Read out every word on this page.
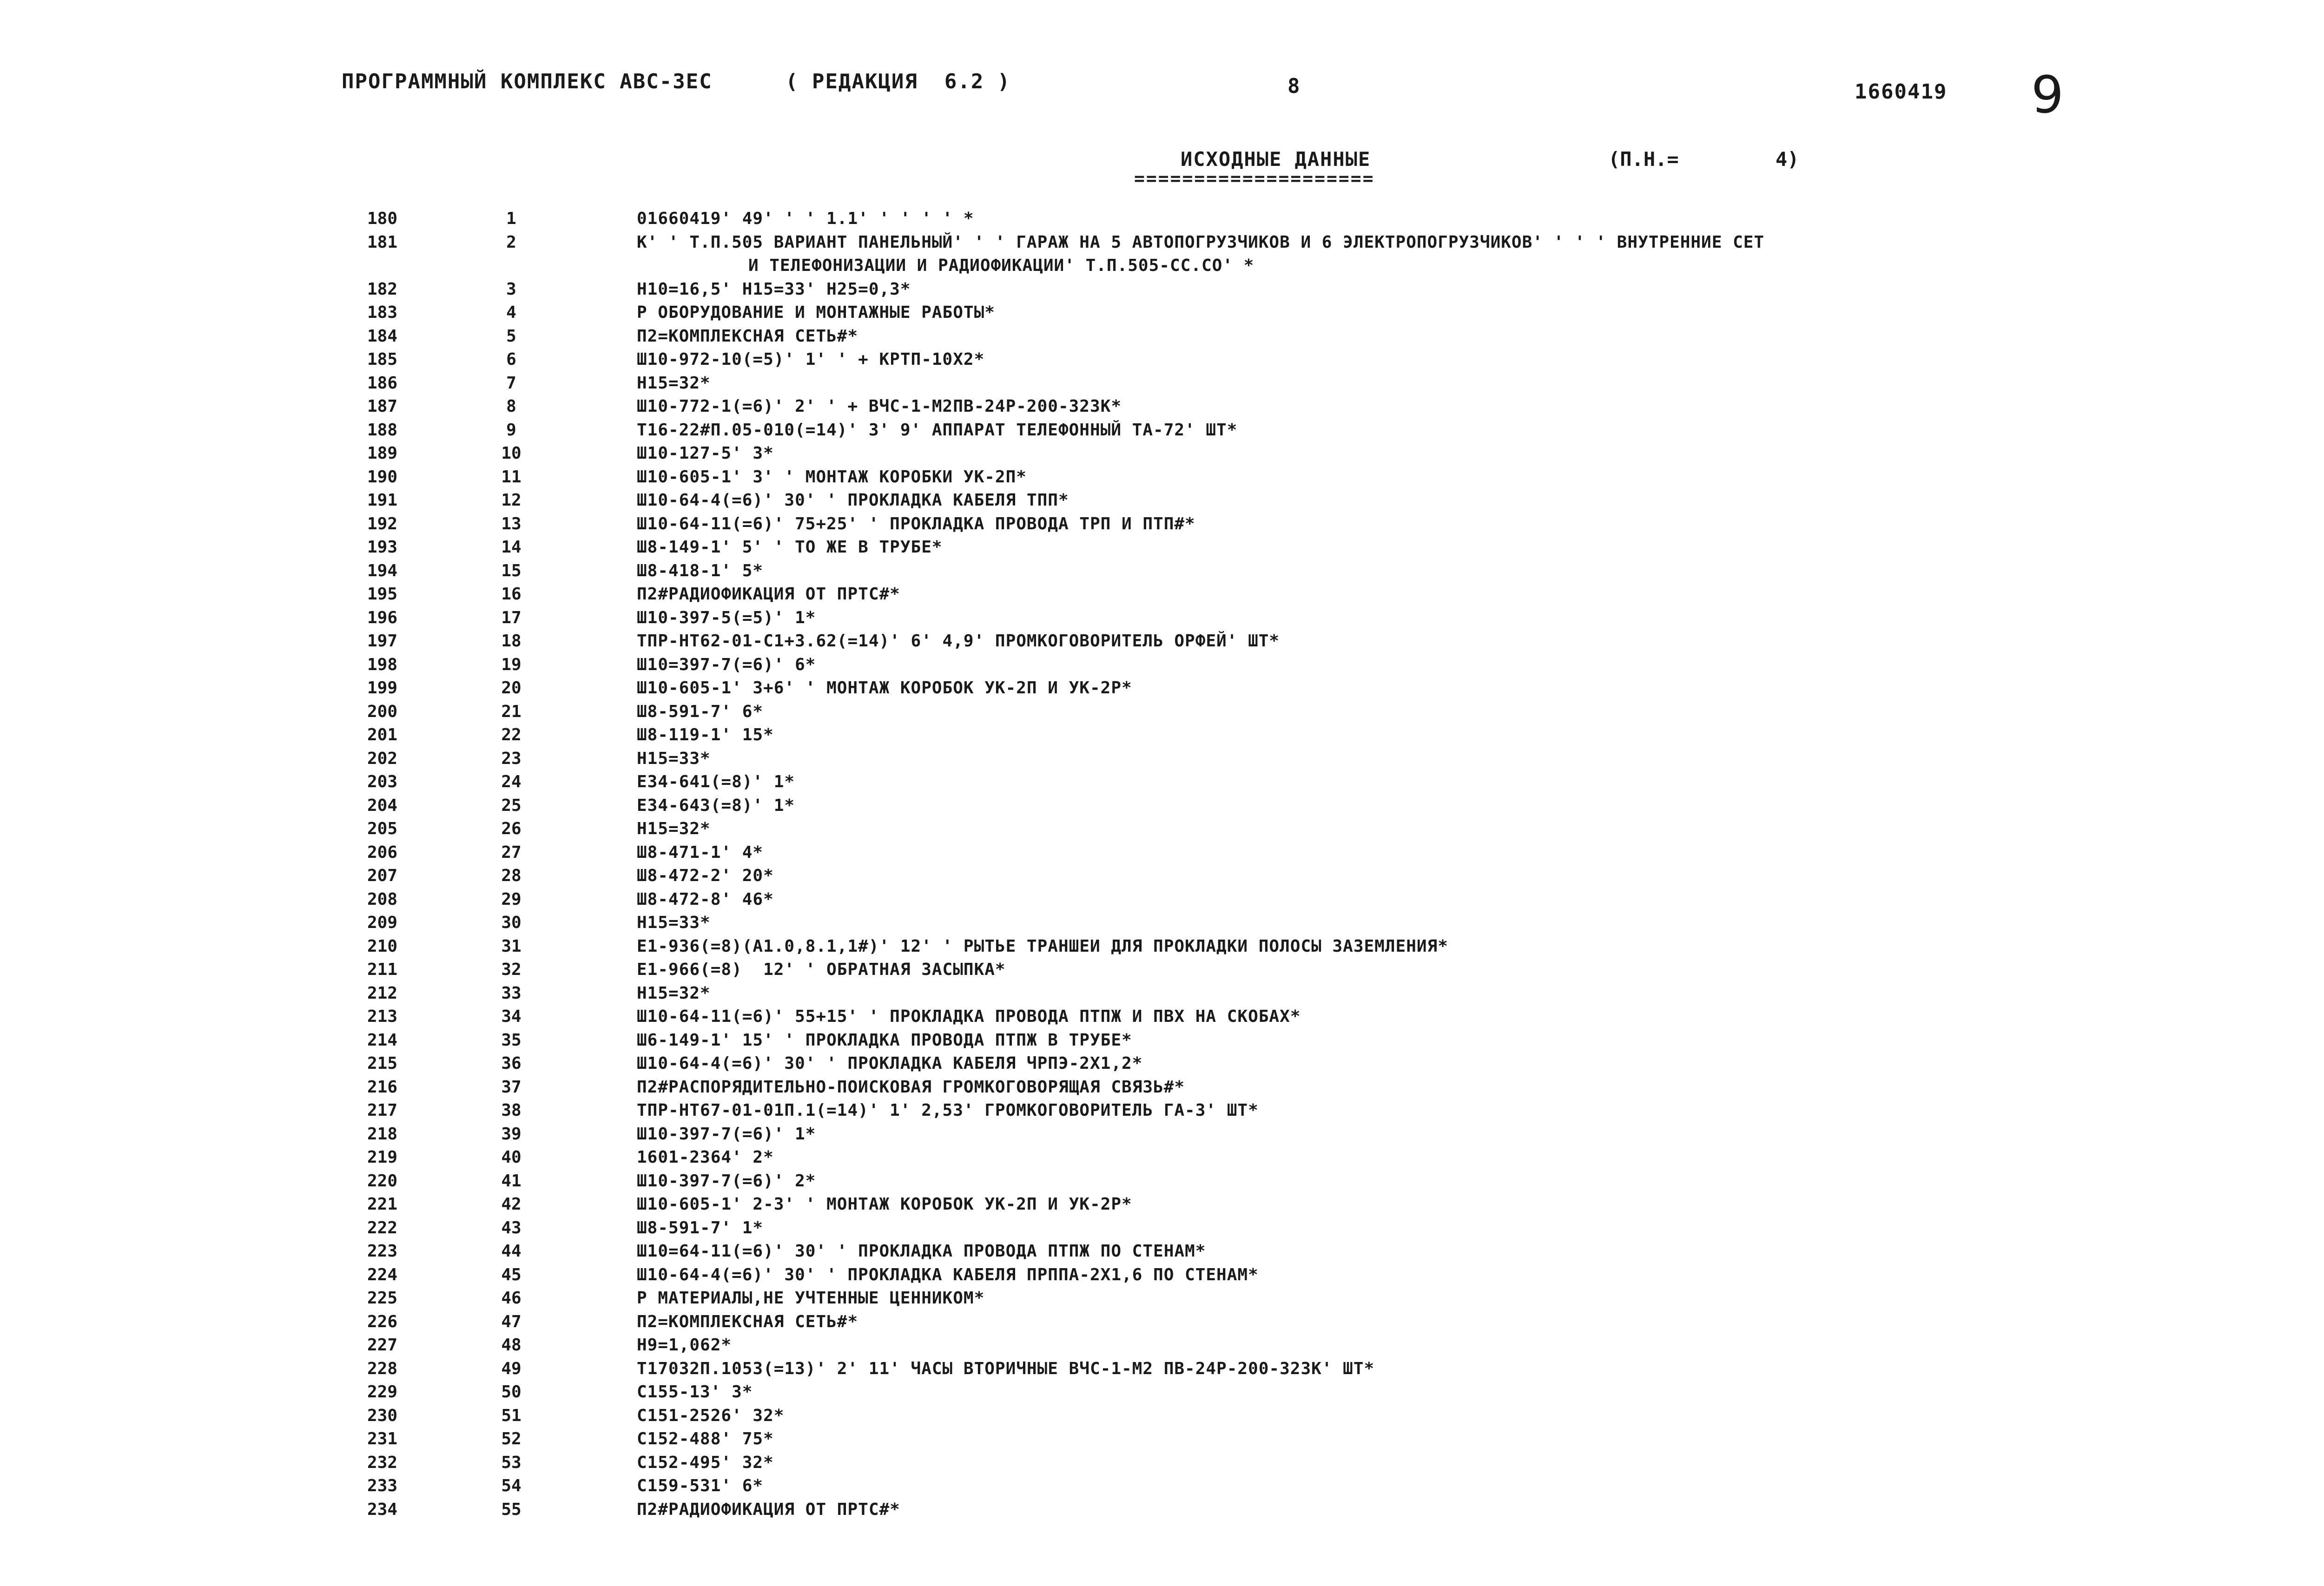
ПРОГРАММНЫЙ КОМПЛЕКС АВС-3ЕС	( РЕДАКЦИЯ  6.2 )	8	1660419 9
ИСХОДНЫЕ ДАННЫЕ
====================
(П.Н.=	4)
180	1	01660419' 49' ' ' 1.1' ' ' ' ' *
181	2	К' ' Т.П.505 ВАРИАНТ ПАНЕЛЬНЫЙ' ' ' ГАРАЖ НА 5 АВТОПОГРУЗЧИКОВ И 6 ЭЛЕКТРОПОГРУЗЧИКОВ' ' ' ' ВНУТРЕННИЕ СЕТ
И ТЕЛЕФОНИЗАЦИИ И РАДИОФИКАЦИИ' Т.П.505-СС.СО' *
182	3	Н10=16,5' Н15=33' Н25=0,3*
183	4	Р ОБОРУДОВАНИЕ И МОНТАЖНЫЕ РАБОТЫ*
184	5	П2=КОМПЛЕКСНАЯ СЕТЬ#*
185	6	Ш10-972-10(=5)' 1' ' + КРТП-10Х2*
186	7	Н15=32*
187	8	Ш10-772-1(=6)' 2' ' + ВЧС-1-М2ПВ-24Р-200-323К*
188	9	Т16-22#П.05-010(=14)' 3' 9' АППАРАТ ТЕЛЕФОННЫЙ ТА-72' ШТ*
189	10	Ш10-127-5' 3*
190	11	Ш10-605-1' 3' ' МОНТАЖ КОРОБКИ УК-2П*
191	12	Ш10-64-4(=6)' 30' ' ПРОКЛАДКА КАБЕЛЯ ТПП*
192	13	Ш10-64-11(=6)' 75+25' ' ПРОКЛАДКА ПРОВОДА ТРП И ПТП#*
193	14	Ш8-149-1' 5' ' ТО ЖЕ В ТРУБЕ*
194	15	Ш8-418-1' 5*
195	16	П2#РАДИОФИКАЦИЯ ОТ ПРТС#*
196	17	Ш10-397-5(=5)' 1*
197	18	ТПР-НТ62-01-С1+З.62(=14)' 6' 4,9' ПРОМКОГОВОРИТЕЛЬ ОРФЕЙ' ШТ*
198	19	Ш10=397-7(=6)' 6*
199	20	Ш10-605-1' 3+6' ' МОНТАЖ КОРОБОК УК-2П И УК-2Р*
200	21	Ш8-591-7' 6*
201	22	Ш8-119-1' 15*
202	23	Н15=33*
203	24	Е34-641(=8)' 1*
204	25	Е34-643(=8)' 1*
205	26	Н15=32*
206	27	Ш8-471-1' 4*
207	28	Ш8-472-2' 20*
208	29	Ш8-472-8' 46*
209	30	Н15=33*
210	31	Е1-936(=8)(А1.0,8.1,1#)' 12' ' РЫТЬЕ ТРАНШЕИ ДЛЯ ПРОКЛАДКИ ПОЛОСЫ ЗАЗЕМЛЕНИЯ*
211	32	Е1-966(=8)  12' ' ОБРАТНАЯ ЗАСЫПКА*
212	33	Н15=32*
213	34	Ш10-64-11(=6)' 55+15' ' ПРОКЛАДКА ПРОВОДА ПТПЖ И ПВХ НА СКОБАХ*
214	35	Ш6-149-1' 15' ' ПРОКЛАДКА ПРОВОДА ПТПЖ В ТРУБЕ*
215	36	Ш10-64-4(=6)' 30' ' ПРОКЛАДКА КАБЕЛЯ ЧРПЭ-2Х1,2*
216	37	П2#РАСПОРЯДИТЕЛЬНО-ПОИСКОВАЯ ГРОМКОГОВОРЯЩАЯ СВЯЗЬ#*
217	38	ТПР-НТ67-01-01П.1(=14)' 1' 2,53' ГРОМКОГОВОРИТЕЛЬ ГА-3' ШТ*
218	39	Ш10-397-7(=6)' 1*
219	40	1601-2364' 2*
220	41	Ш10-397-7(=6)' 2*
221	42	Ш10-605-1' 2-3' ' МОНТАЖ КОРОБОК УК-2П И УК-2Р*
222	43	Ш8-591-7' 1*
223	44	Ш10=64-11(=6)' 30' ' ПРОКЛАДКА ПРОВОДА ПТПЖ ПО СТЕНАМ*
224	45	Ш10-64-4(=6)' 30' ' ПРОКЛАДКА КАБЕЛЯ ПРППА-2Х1,6 ПО СТЕНАМ*
225	46	Р МАТЕРИАЛЫ,НЕ УЧТЕННЫЕ ЦЕННИКОМ*
226	47	П2=КОМПЛЕКСНАЯ СЕТЬ#*
227	48	Н9=1,062*
228	49	Т17032П.1053(=13)' 2' 11' ЧАСЫ ВТОРИЧНЫЕ ВЧС-1-М2 ПВ-24Р-200-323К' ШТ*
229	50	С155-13' 3*
230	51	С151-2526' 32*
231	52	С152-488' 75*
232	53	С152-495' 32*
233	54	С159-531' 6*
234	55	П2#РАДИОФИКАЦИЯ ОТ ПРТС#*
